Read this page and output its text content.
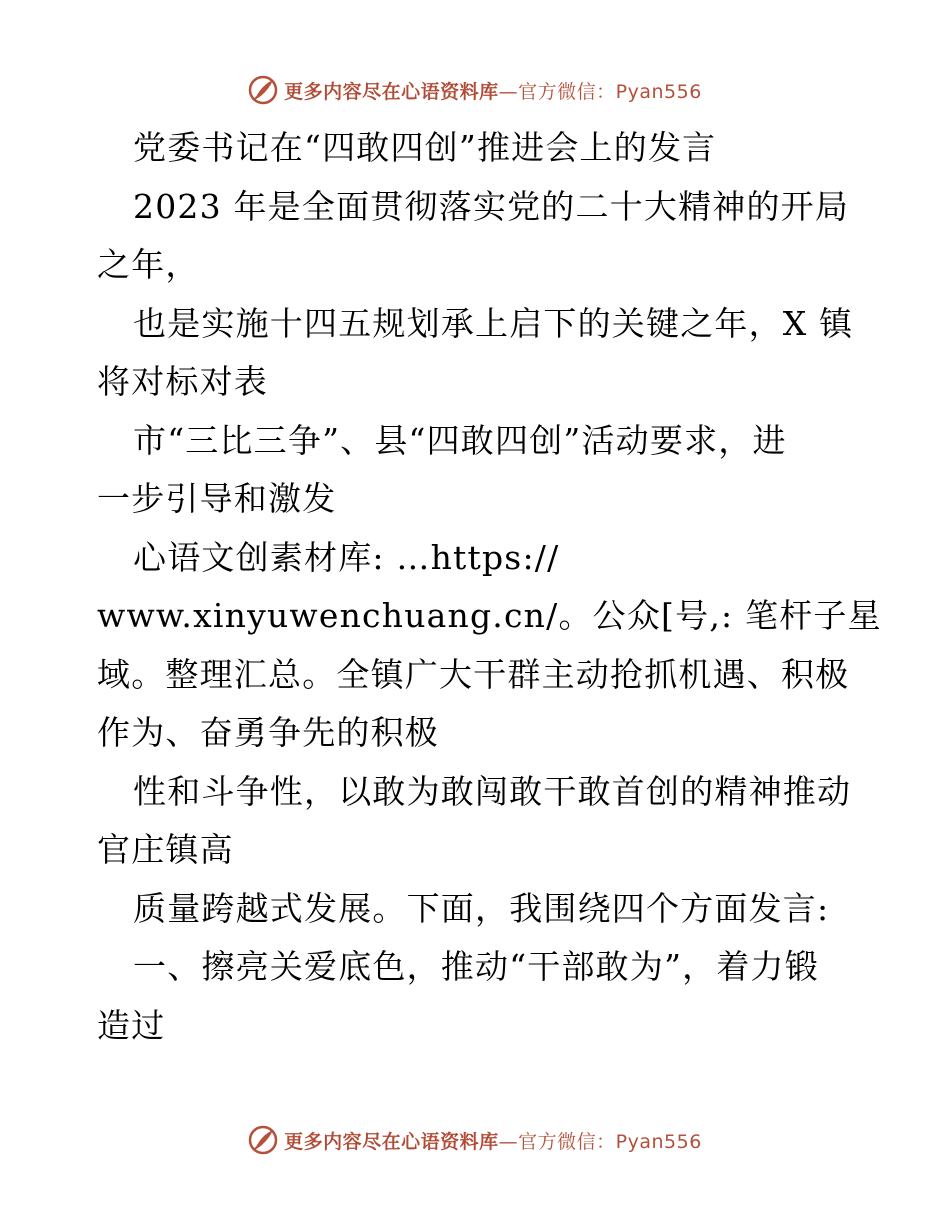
更多内容尽在心语资料库—官方微信：Pyan556
党委书记在“四敢四创”推进会上的发言
2023 年是全面贯彻落实党的二十大精神的开局
之年，
也是实施十四五规划承上启下的关键之年，X 镇
将对标对表
市“三比三争”、县“四敢四创”活动要求，进
一步引导和激发
心语文创素材库: …https://
www.xinyuwenchuang.cn/。公众[号,: 笔杆子星
域。整理汇总。全镇广大干群主动抢抓机遇、积极
作为、奋勇争先的积极
性和斗争性，以敢为敢闯敢干敢首创的精神推动
官庄镇高
质量跨越式发展。下面，我围绕四个方面发言:
一、擦亮关爱底色，推动“干部敢为”，着力锻
造过
更多内容尽在心语资料库—官方微信：Pyan556
